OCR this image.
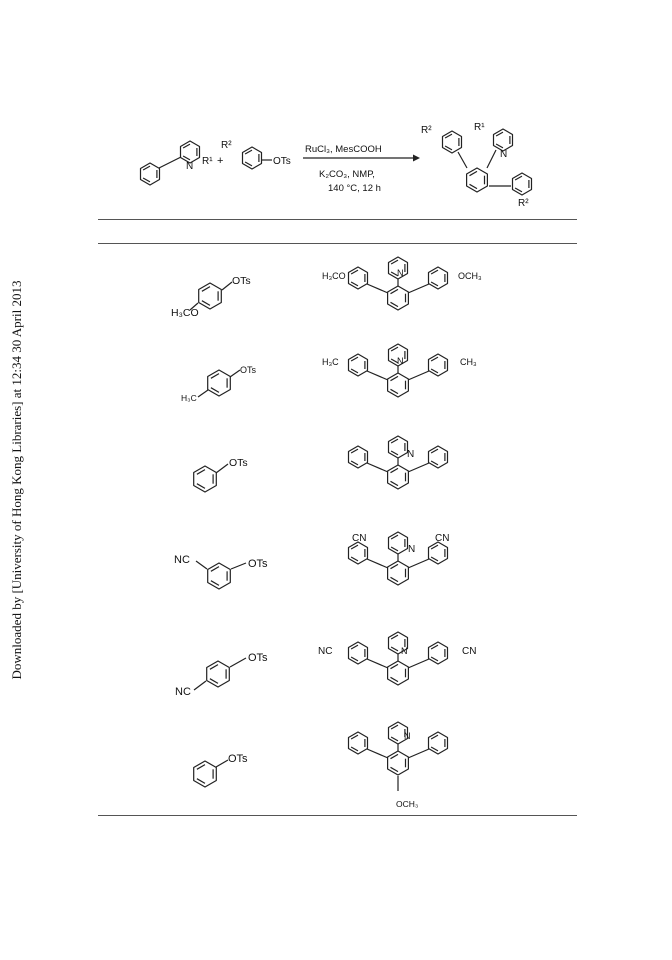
Downloaded by [University of Hong Kong Libraries] at 12:34 30 April 2013
N R¹ +
R²
OTs
RuCl₃, MesCOOH
K₂CO₃, NMP,
140 °C, 12 h
R²	R¹
N
R²
OTs
H₃CO
H₃CO	OCH₃
N
OTs
H₃C
H₃C	CH₃
N
OTs
N
NC	OTs
CN	CN
N
OTs
NC
NC	CN
N
OTs
OCH₃
N
